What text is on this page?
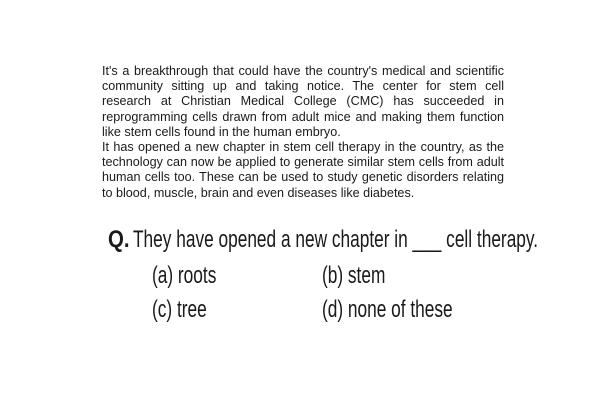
It's a breakthrough that could have the country's medical and scientific community sitting up and taking notice. The center for stem cell research at Christian Medical College (CMC) has succeeded in reprogramming cells drawn from adult mice and making them function like stem cells found in the human embryo.

It has opened a new chapter in stem cell therapy in the country, as the technology can now be applied to generate similar stem cells from adult human cells too. These can be used to study genetic disorders relating to blood, muscle, brain and even diseases like diabetes.

Q. They have opened a new chapter in ___ cell therapy.
(a) roots	(b) stem
(c) tree	(d) none of these
